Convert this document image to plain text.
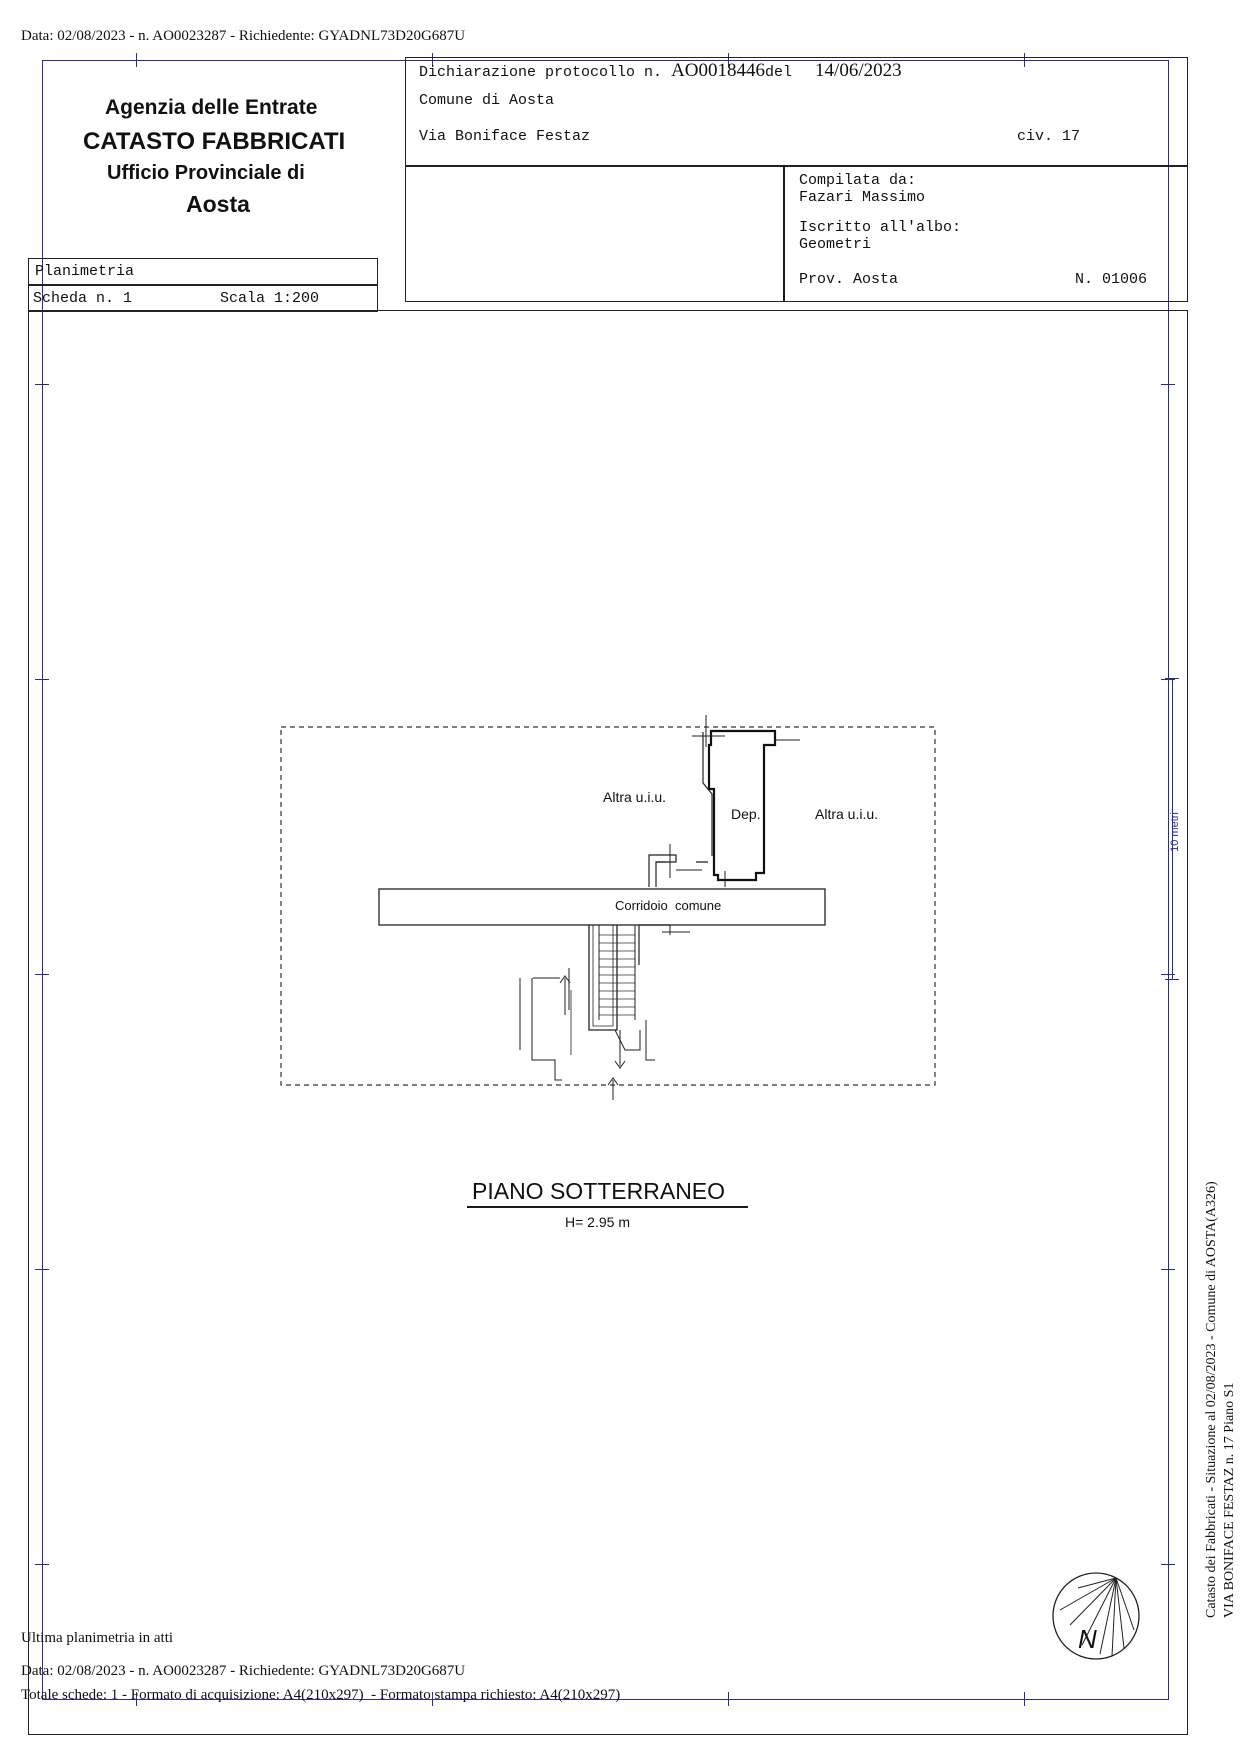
Data: 02/08/2023 - n. AO0023287 - Richiedente: GYADNL73D20G687U
Agenzia delle Entrate
CATASTO FABBRICATI
Ufficio Provinciale di
Aosta
Dichiarazione protocollo n. AO0018446del 14/06/2023
Comune di Aosta
Via Boniface Festaz	civ. 17
Compilata da:
Fazari Massimo
Iscritto all'albo:
Geometri
Prov. Aosta	N. 01006
Planimetria
Scheda n. 1	Scala 1:200
Altra u.i.u.
Dep.	Altra u.i.u.
Corridoio  comune
PIANO SOTTERRANEO
H= 2.95 m
10 metri
N
Catasto dei Fabbricati - Situazione al 02/08/2023 - Comune di AOSTA(A326) VIA BONIFACE FESTAZ n. 17 Piano S1
Ultima planimetria in atti
Data: 02/08/2023 - n. AO0023287 - Richiedente: GYADNL73D20G687U
Totale schede: 1 - Formato di acquisizione: A4(210x297)  - Formato stampa richiesto: A4(210x297)
